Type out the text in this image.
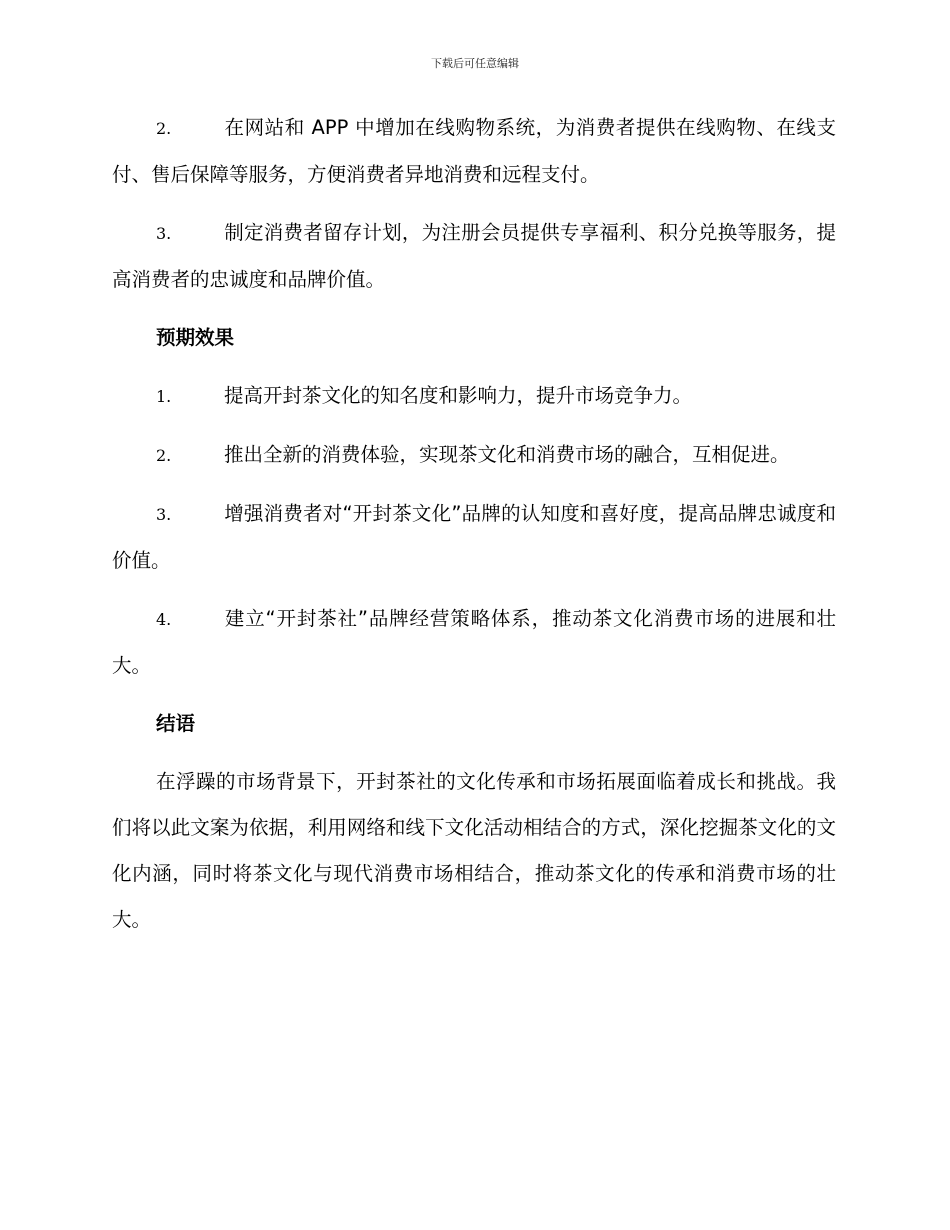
下载后可任意编辑

2.	在网站和 APP 中增加在线购物系统，为消费者提供在线购物、在线支付、售后保障等服务，方便消费者异地消费和远程支付。

3.	制定消费者留存计划，为注册会员提供专享福利、积分兑换等服务，提高消费者的忠诚度和品牌价值。

预期效果

1.	提高开封茶文化的知名度和影响力，提升市场竞争力。

2.	推出全新的消费体验，实现茶文化和消费市场的融合，互相促进。

3.	增强消费者对“开封茶文化”品牌的认知度和喜好度，提高品牌忠诚度和价值。

4.	建立“开封茶社”品牌经营策略体系，推动茶文化消费市场的进展和壮大。

结语

在浮躁的市场背景下，开封茶社的文化传承和市场拓展面临着成长和挑战。我们将以此文案为依据，利用网络和线下文化活动相结合的方式，深化挖掘茶文化的文化内涵，同时将茶文化与现代消费市场相结合，推动茶文化的传承和消费市场的壮大。
